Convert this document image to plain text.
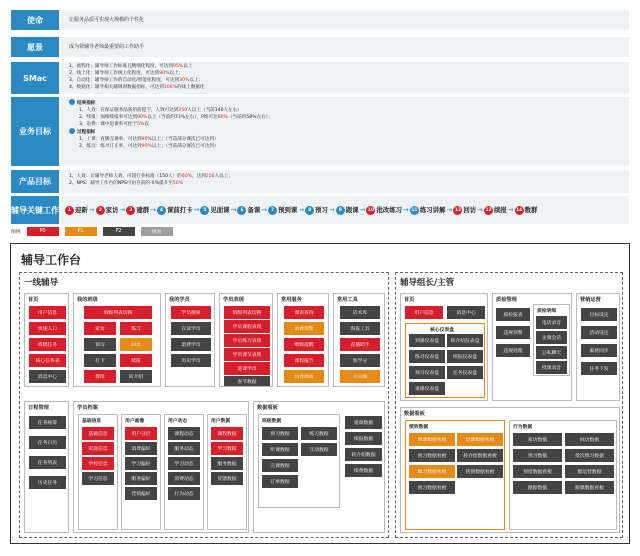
使命	让服务品质可实现大规模的个性化
愿景	成为领辅导老师最重要的工作助手
SMac
1、流程化：辅导师工作标准且精细化程度，可达到95%以上
2、线上化：辅导师工作线上化程度，可达到90%以上；
3、自动化：辅导师工作的自动化/智能化程度，可达到30%以上；
4、数据化：辅导相关辅调项数据指标，可达到100%的线上数据化
业务目标
结果指标
1、人效：在保证服务品质的前提下，人效可达到250人以上（当前140人左右）
2、续报：加维续报率可达到80%以上（当前约73%左右），P维可达80%（当前约58%左右）；
3、退费：课中退课率可控于5%以
过程指标
1、上课：直播完课率，可达到90%以上；（当前部分课次已可达到）
2、练习：练习订正率，可达到90%以上；（当前部分课次已可达到）
产品目标
1、人效：让辅导老师人效，可超行业标准（150人）的60%，达到250人以上；
2、NPS：辅导工作台的NPS可由目前的-X%提升至50%
辅导关键工作	1 迎新 → 2 家访 → 3 建群 → 4 课前打卡 → 5 见面课 → 6 备课 → 7 预到课 → 8 预习 → 9 跟课 → 10 批改练习 → 11 练习讲解 → 12 回访 → 13 续报 → 14 数群
图例	P0	P1	P2	规划
辅导工作台
一线辅导
首页
用户信息
快速入口
班级任务
核心任务表
消息中心
我的班级
班级列表切换
家访	练习
预习	回访
打卡	续报
群组	转介绍
我的学员
学员搜索
在读学员
退费学员
历史学员
学员表现
班级列表切换
学员课程表现
学员练习表现
学员课节表现
迎课学员
查节数据
常用服务
课表查询
消费预警
赠级提醒
课程报告
问卷调查
常用工具
话术库
海报工具
直播助手
加学分
分分图
日程管理
任务统筹
任务日历
任务列表
历史任务
学员档案
基础信息
基础信息
家庭信息
学校信息
学习信息
用户画像
用户分层
消费偏好
学习偏好
服务偏好
营销偏好
用户动态
课程动态
服务动态
学习动态
消费动态
行为动态
用户数据
课程数据
学习数据
服务数据
反馈数据
数据看板
班级数据
预习数据	练习数据
听课数据	互动数据
完课数据
订单数据
退课数据
续报数据
转介绍数据
续费数据
辅导组长/主管
首页
用户信息	消息中心
核心仪表盘
到课仪表盘	转介绍仪表盘
练习仪表盘	续报仪表盘
预习仪表盘	任务仪表盘
退课仪表盘
质检管理
质检报表
违规预警
违规处理
质检明细
电话录音
企微会话
公私聊天
授课录音
营销运营
目标设定
活动设定
素材同步
任务下发
数据看板
绩效数据
到课数据看板	退课数据看板
预习数据看板	转介绍数据看板
练习数据看板	转预数据看板
预习数据看板
行为数据
家访数据	回访数据
预习数据	批次练习数据
预留数据看板	群运营数据
跟踪数据	跟课数据看板
